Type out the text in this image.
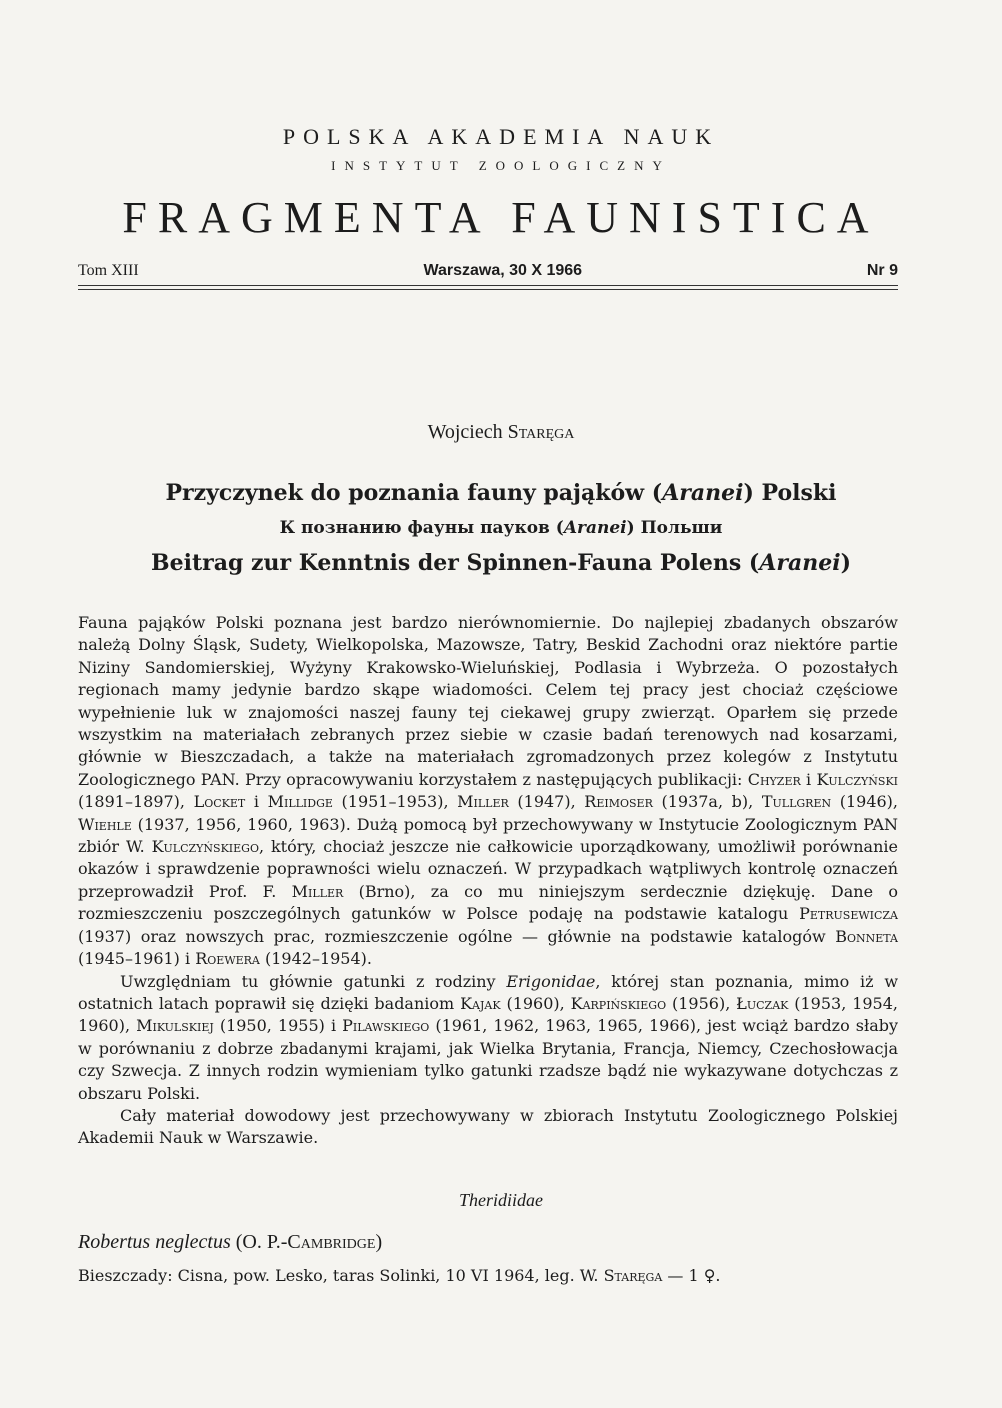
POLSKA AKADEMIA NAUK
INSTYTUT ZOOLOGICZNY
FRAGMENTA FAUNISTICA
Tom XIII	Warszawa, 30 X 1966	Nr 9
Wojciech Staręga
Przyczynek do poznania fauny pająków (Aranei) Polski
К познанию фауны пауков (Aranei) Польши
Beitrag zur Kenntnis der Spinnen-Fauna Polens (Aranei)

Fauna pająków Polski poznana jest bardzo nierównomiernie. Do najlepiej zbadanych obszarów należą Dolny Śląsk, Sudety, Wielkopolska, Mazowsze, Tatry, Beskid Zachodni oraz niektóre partie Niziny Sandomierskiej, Wyżyny Krakowsko-Wieluńskiej, Podlasia i Wybrzeża. O pozostałych regionach mamy jedynie bardzo skąpe wiadomości. Celem tej pracy jest chociaż częściowe wypełnienie luk w znajomości naszej fauny tej ciekawej grupy zwierząt. Oparłem się przede wszystkim na materiałach zebranych przez siebie w czasie badań terenowych nad kosarzami, głównie w Bieszczadach, a także na materiałach zgromadzonych przez kolegów z Instytutu Zoologicznego PAN. Przy opracowywaniu korzystałem z następujących publikacji: Chyzer i Kulczyński (1891–1897), Locket i Millidge (1951–1953), Miller (1947), Reimoser (1937a, b), Tullgren (1946), Wiehle (1937, 1956, 1960, 1963). Dużą pomocą był przechowywany w Instytucie Zoologicznym PAN zbiór W. Kulczyńskiego, który, chociaż jeszcze nie całkowicie uporządkowany, umożliwił porównanie okazów i sprawdzenie poprawności wielu oznaczeń. W przypadkach wątpliwych kontrolę oznaczeń przeprowadził Prof. F. Miller (Brno), za co mu niniejszym serdecznie dziękuję. Dane o rozmieszczeniu poszczególnych gatunków w Polsce podaję na podstawie katalogu Petrusewicza (1937) oraz nowszych prac, rozmieszczenie ogólne — głównie na podstawie katalogów Bonneta (1945–1961) i Roewera (1942–1954).

Uwzględniam tu głównie gatunki z rodziny Erigonidae, której stan poznania, mimo iż w ostatnich latach poprawił się dzięki badaniom Kajak (1960), Karpińskiego (1956), Łuczak (1953, 1954, 1960), Mikulskiej (1950, 1955) i Pilawskiego (1961, 1962, 1963, 1965, 1966), jest wciąż bardzo słaby w porównaniu z dobrze zbadanymi krajami, jak Wielka Brytania, Francja, Niemcy, Czechosłowacja czy Szwecja. Z innych rodzin wymieniam tylko gatunki rzadsze bądź nie wykazywane dotychczas z obszaru Polski.

Cały materiał dowodowy jest przechowywany w zbiorach Instytutu Zoologicznego Polskiej Akademii Nauk w Warszawie.

Theridiidae
Robertus neglectus (O. P.-Cambridge)
Bieszczady: Cisna, pow. Lesko, taras Solinki, 10 VI 1964, leg. W. Staręga — 1 ♀.
